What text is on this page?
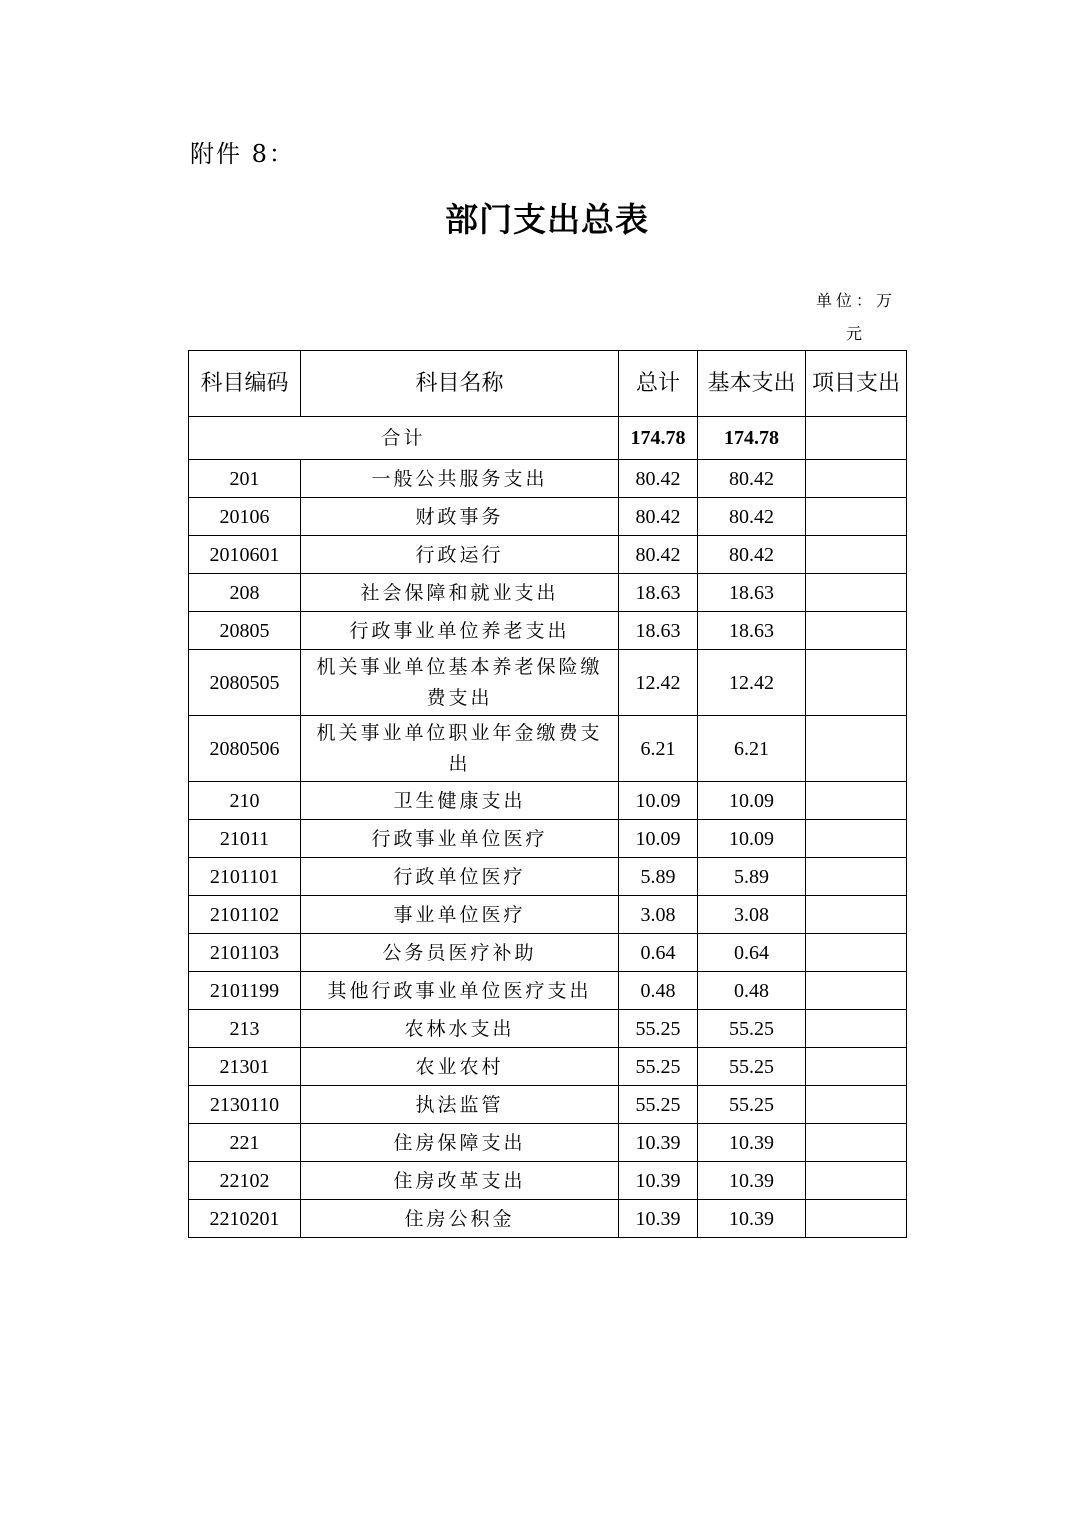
附件 8：
部门支出总表
单位：万元
科目编码	科目名称	总计	基本支出	项目支出
合计		174.78	174.78	
201	一般公共服务支出	80.42	80.42	
20106	财政事务	80.42	80.42	
2010601	行政运行	80.42	80.42	
208	社会保障和就业支出	18.63	18.63	
20805	行政事业单位养老支出	18.63	18.63	
2080505	机关事业单位基本养老保险缴费支出	12.42	12.42	
2080506	机关事业单位职业年金缴费支出	6.21	6.21	
210	卫生健康支出	10.09	10.09	
21011	行政事业单位医疗	10.09	10.09	
2101101	行政单位医疗	5.89	5.89	
2101102	事业单位医疗	3.08	3.08	
2101103	公务员医疗补助	0.64	0.64	
2101199	其他行政事业单位医疗支出	0.48	0.48	
213	农林水支出	55.25	55.25	
21301	农业农村	55.25	55.25	
2130110	执法监管	55.25	55.25	
221	住房保障支出	10.39	10.39	
22102	住房改革支出	10.39	10.39	
2210201	住房公积金	10.39	10.39	
